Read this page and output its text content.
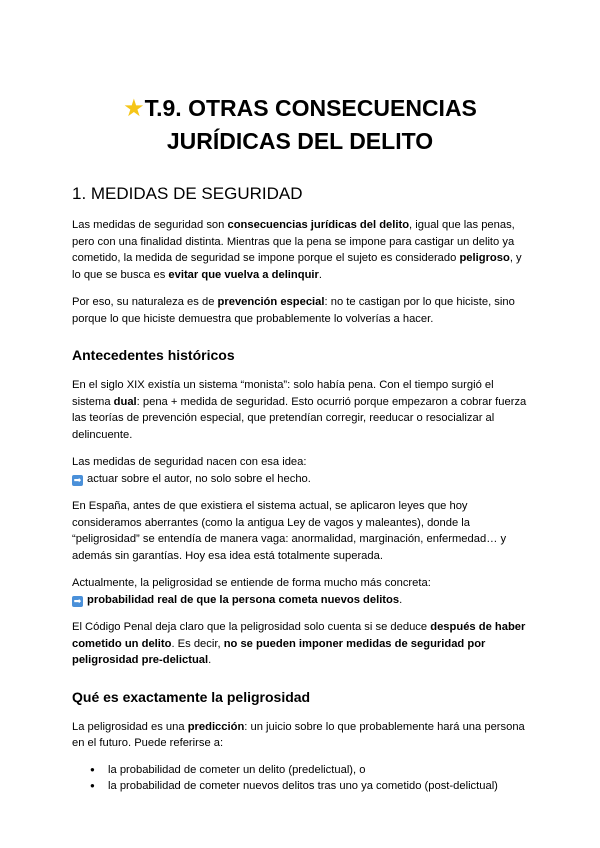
★T.9. OTRAS CONSECUENCIAS
JURÍDICAS DEL DELITO
1. MEDIDAS DE SEGURIDAD

Las medidas de seguridad son consecuencias jurídicas del delito, igual que las penas, pero con una finalidad distinta. Mientras que la pena se impone para castigar un delito ya cometido, la medida de seguridad se impone porque el sujeto es considerado peligroso, y lo que se busca es evitar que vuelva a delinquir.

Por eso, su naturaleza es de prevención especial: no te castigan por lo que hiciste, sino porque lo que hiciste demuestra que probablemente lo volverías a hacer.

Antecedentes históricos

En el siglo XIX existía un sistema “monista”: solo había pena. Con el tiempo surgió el sistema dual: pena + medida de seguridad. Esto ocurrió porque empezaron a cobrar fuerza las teorías de prevención especial, que pretendían corregir, reeducar o resocializar al delincuente.

Las medidas de seguridad nacen con esa idea:
➡ actuar sobre el autor, no solo sobre el hecho.

En España, antes de que existiera el sistema actual, se aplicaron leyes que hoy consideramos aberrantes (como la antigua Ley de vagos y maleantes), donde la “peligrosidad” se entendía de manera vaga: anormalidad, marginación, enfermedad… y además sin garantías. Hoy esa idea está totalmente superada.

Actualmente, la peligrosidad se entiende de forma mucho más concreta:
➡ probabilidad real de que la persona cometa nuevos delitos.

El Código Penal deja claro que la peligrosidad solo cuenta si se deduce después de haber cometido un delito. Es decir, no se pueden imponer medidas de seguridad por peligrosidad pre-delictual.

Qué es exactamente la peligrosidad

La peligrosidad es una predicción: un juicio sobre lo que probablemente hará una persona en el futuro. Puede referirse a:

● la probabilidad de cometer un delito (predelictual), o
● la probabilidad de cometer nuevos delitos tras uno ya cometido (post-delictual)
